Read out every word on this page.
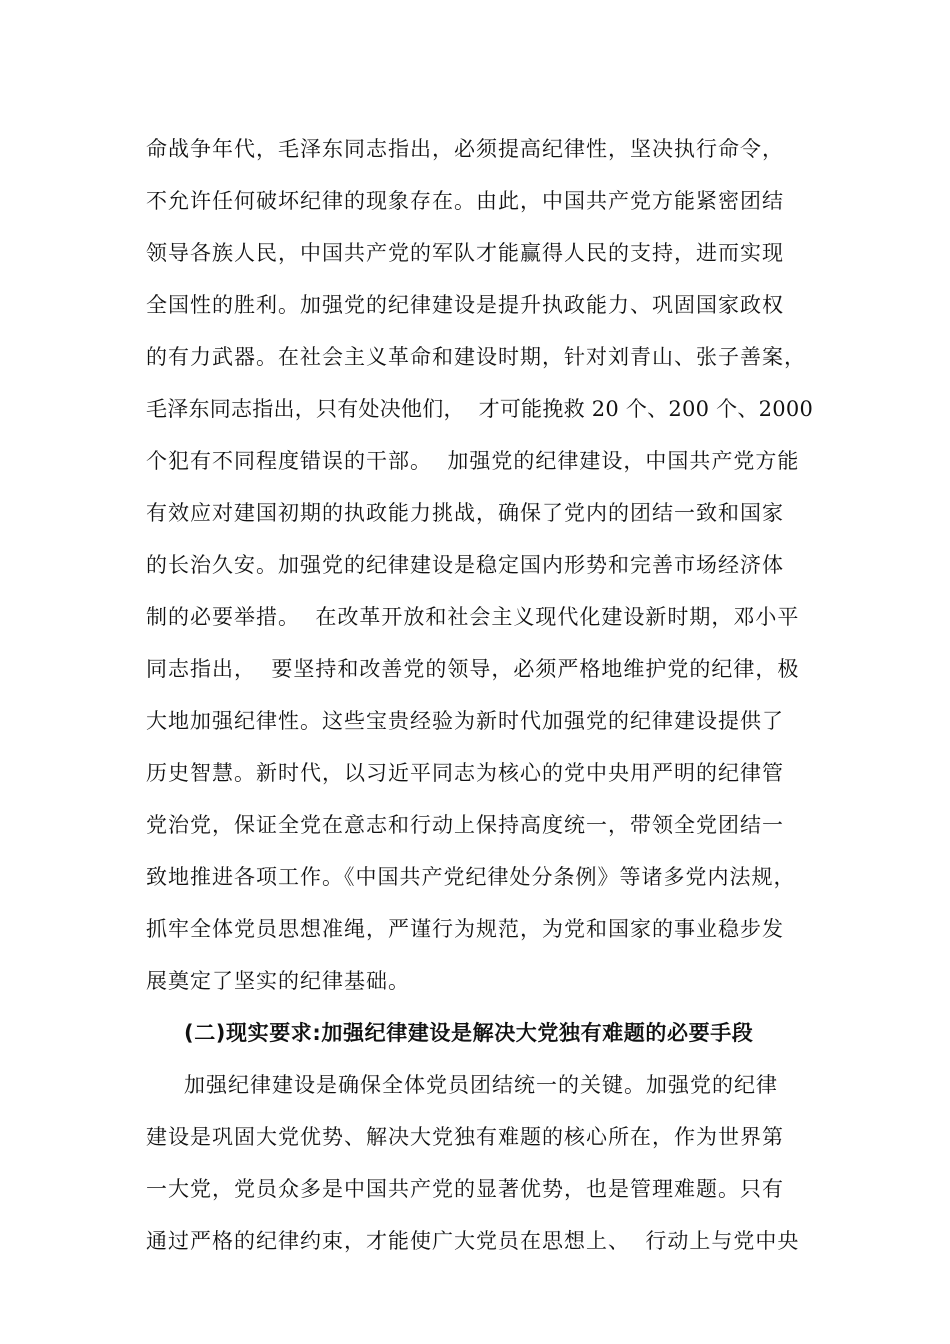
命战争年代，毛泽东同志指出，必须提高纪律性，坚决执行命令，
不允许任何破坏纪律的现象存在。由此，中国共产党方能紧密团结
领导各族人民，中国共产党的军队才能赢得人民的支持，进而实现
全国性的胜利。加强党的纪律建设是提升执政能力、巩固国家政权
的有力武器。在社会主义革命和建设时期，针对刘青山、张子善案，
毛泽东同志指出，只有处决他们，  才可能挽救 20 个、200 个、2000
个犯有不同程度错误的干部。  加强党的纪律建设，中国共产党方能
有效应对建国初期的执政能力挑战，确保了党内的团结一致和国家
的长治久安。加强党的纪律建设是稳定国内形势和完善市场经济体
制的必要举措。  在改革开放和社会主义现代化建设新时期，邓小平
同志指出，  要坚持和改善党的领导，必须严格地维护党的纪律，极
大地加强纪律性。这些宝贵经验为新时代加强党的纪律建设提供了
历史智慧。新时代，以习近平同志为核心的党中央用严明的纪律管
党治党，保证全党在意志和行动上保持高度统一，带领全党团结一
致地推进各项工作。《中国共产党纪律处分条例》等诸多党内法规，
抓牢全体党员思想准绳，严谨行为规范，为党和国家的事业稳步发
展奠定了坚实的纪律基础。
(二)现实要求:加强纪律建设是解决大党独有难题的必要手段
加强纪律建设是确保全体党员团结统一的关键。加强党的纪律
建设是巩固大党优势、解决大党独有难题的核心所在，作为世界第
一大党，党员众多是中国共产党的显著优势，也是管理难题。只有
通过严格的纪律约束，才能使广大党员在思想上、  行动上与党中央
